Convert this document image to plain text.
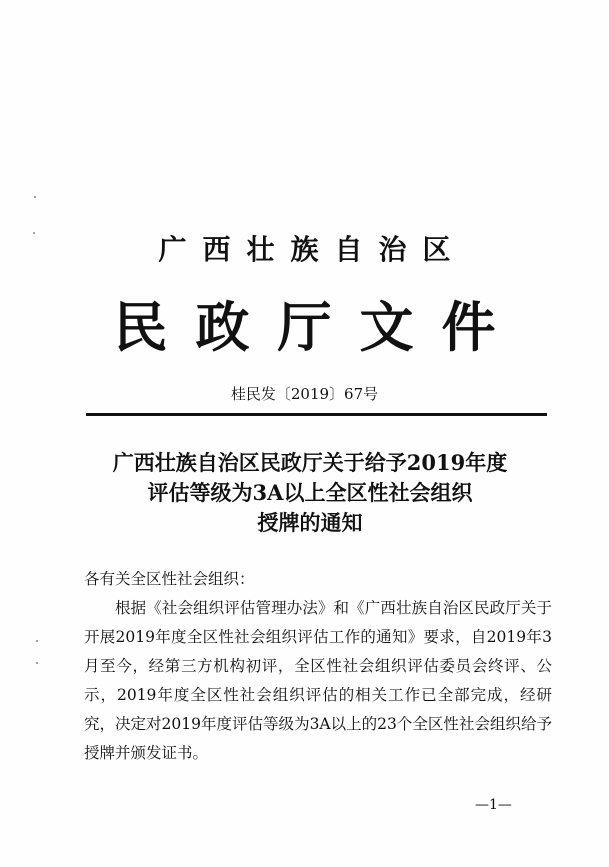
广西壮族自治区
民政厅文件
桂民发〔2019〕67号
广西壮族自治区民政厅关于给予2019年度
评估等级为3A以上全区性社会组织
授牌的通知
各有关全区性社会组织：
根据《社会组织评估管理办法》和《广西壮族自治区民政厅关于开展2019年度全区性社会组织评估工作的通知》要求，自2019年3月至今，经第三方机构初评，全区性社会组织评估委员会终评、公示，2019年度全区性社会组织评估的相关工作已全部完成，经研究，决定对2019年度评估等级为3A以上的23个全区性社会组织给予授牌并颁发证书。
—1—
